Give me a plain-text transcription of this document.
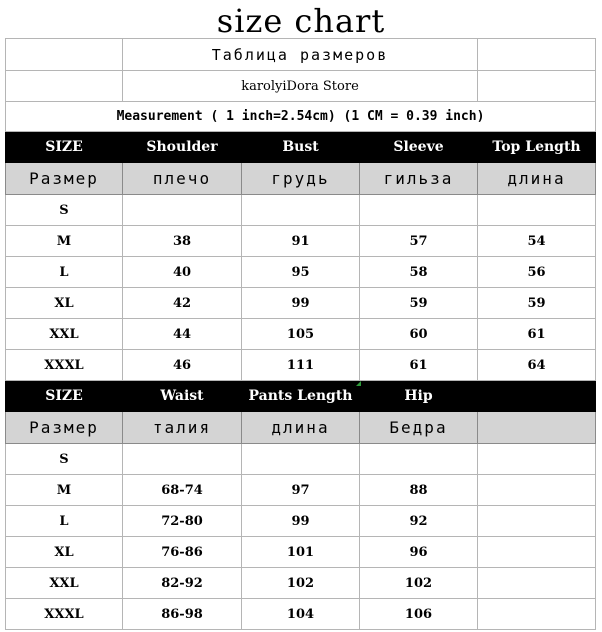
size chart
	Таблица размеров			
	karolyiDora Store			
Measurement ( 1 inch=2.54cm) (1 CM = 0.39 inch)				
SIZE	Shoulder	Bust	Sleeve	Top Length
Размер	плечо	грудь	гильза	длина
S				
M	38	91	57	54
L	40	95	58	56
XL	42	99	59	59
XXL	44	105	60	61
XXXL	46	111	61	64
SIZE	Waist	Pants Length	Hip	
Размер	талия	длина	Бедра	
S				
M	68-74	97	88	
L	72-80	99	92	
XL	76-86	101	96	
XXL	82-92	102	102	
XXXL	86-98	104	106	
